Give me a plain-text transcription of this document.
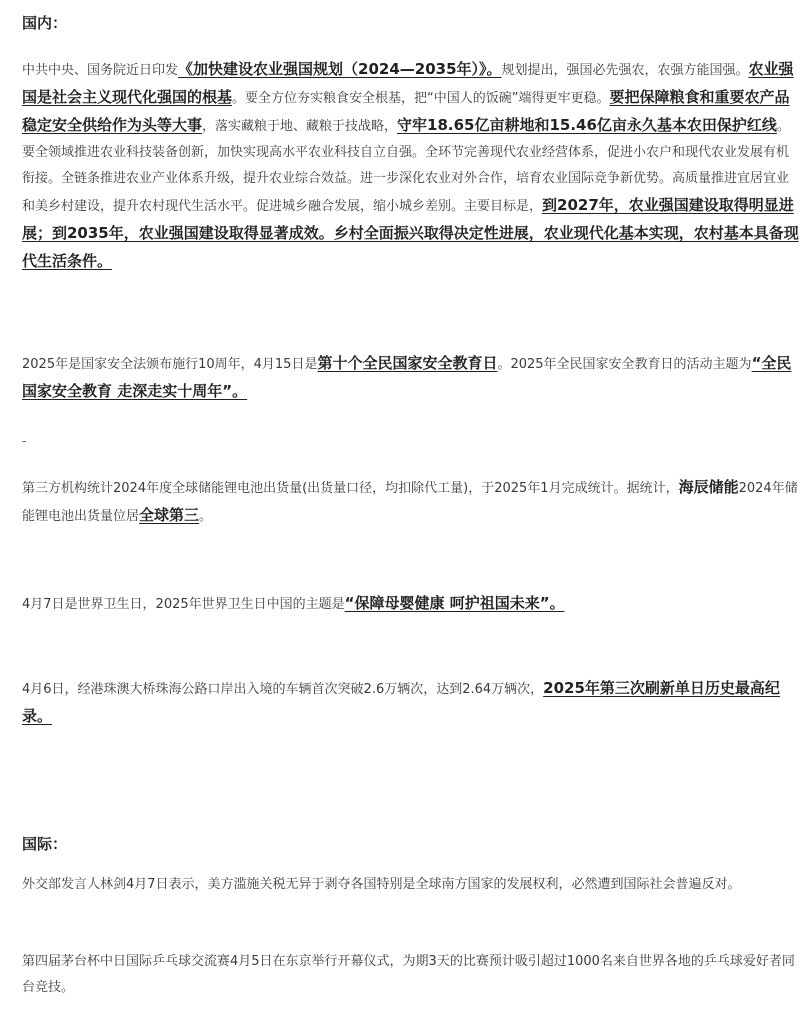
国内：
中共中央、国务院近日印发《加快建设农业强国规划（2024—2035年）》。规划提出，强国必先强农，农强方能国强。农业强国是社会主义现代化强国的根基。要全方位夯实粮食安全根基，把“中国人的饭碗”端得更牢更稳。要把保障粮食和重要农产品稳定安全供给作为头等大事，落实藏粮于地、藏粮于技战略，守牢18.65亿亩耕地和15.46亿亩永久基本农田保护红线。要全领域推进农业科技装备创新，加快实现高水平农业科技自立自强。全环节完善现代农业经营体系，促进小农户和现代农业发展有机衔接。全链条推进农业产业体系升级，提升农业综合效益。进一步深化农业对外合作，培育农业国际竞争新优势。高质量推进宜居宜业和美乡村建设，提升农村现代生活水平。促进城乡融合发展，缩小城乡差别。主要目标是，到2027年，农业强国建设取得明显进展；到2035年，农业强国建设取得显著成效。乡村全面振兴取得决定性进展，农业现代化基本实现，农村基本具备现代生活条件。
2025年是国家安全法颁布施行10周年，4月15日是第十个全民国家安全教育日。2025年全民国家安全教育日的活动主题为“全民国家安全教育 走深走实十周年”。
-
第三方机构统计2024年度全球储能锂电池出货量(出货量口径，均扣除代工量)，于2025年1月完成统计。据统计，海辰储能2024年储能锂电池出货量位居全球第三。
4月7日是世界卫生日，2025年世界卫生日中国的主题是“保障母婴健康 呵护祖国未来”。
4月6日，经港珠澳大桥珠海公路口岸出入境的车辆首次突破2.6万辆次，达到2.64万辆次，2025年第三次刷新单日历史最高纪录。
国际：
外交部发言人林剑4月7日表示，美方滥施关税无异于剥夺各国特别是全球南方国家的发展权利，必然遭到国际社会普遍反对。
第四届茅台杯中日国际乒乓球交流赛4月5日在东京举行开幕仪式，为期3天的比赛预计吸引超过1000名来自世界各地的乒乓球爱好者同台竞技。
